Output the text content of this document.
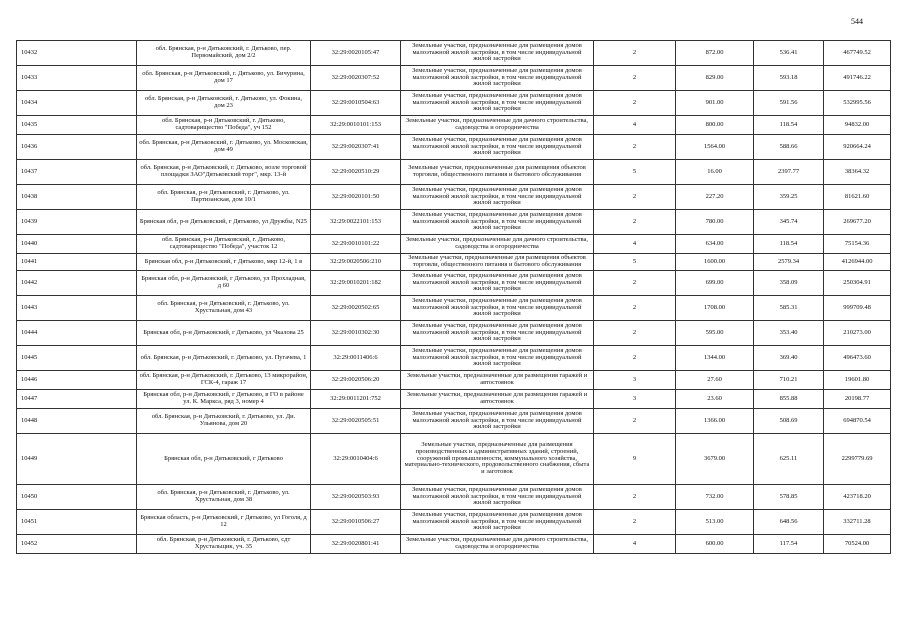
544
10432	обл. Брянская, р-н Дятьковский, г. Дятьково, пер. Первомайский, дом 2/2	32:29:0020105:47	Земельные участки, предназначенные для размещения домов малоэтажной жилой застройки, в том числе индивидуальной жилой застройки	2	872.00	536.41	467749.52
10433	обл. Брянская, р-н Дятьковский, г. Дятьково, ул. Бичурина, дом 17	32:29:0020307:52	Земельные участки, предназначенные для размещения домов малоэтажной жилой застройки, в том числе индивидуальной жилой застройки	2	829.00	593.18	491746.22
10434	обл. Брянская, р-н Дятьковский, г. Дятьково, ул. Фокина, дом 23	32:29:0010504:63	Земельные участки, предназначенные для размещения домов малоэтажной жилой застройки, в том числе индивидуальной жилой застройки	2	901.00	591.56	532995.56
10435	обл. Брянская, р-н Дятьковский, г. Дятьково, садтоварищество "Победа", уч 152	32:29:0010101:153	Земельные участки, предназначенные для дачного строительства, садоводства и огородничества	4	800.00	118.54	94832.00
10436	обл. Брянская, р-н Дятьковский, г. Дятьково, ул. Московская, дом 49	32:29:0020307:41	Земельные участки, предназначенные для размещения домов малоэтажной жилой застройки, в том числе индивидуальной жилой застройки	2	1564.00	588.66	920664.24
10437	обл. Брянская, р-н Дятьковский, г. Дятьково, возле торговой площадки ЗАО"Дятьковский торг", мкр. 13-й	32:29:0020510:29	Земельные участки, предназначенные для размещения объектов торговли, общественного питания и бытового обслуживания	5	16.00	2397.77	38364.32
10438	обл. Брянская, р-н Дятьковский, г. Дятьково, ул. Партизанская, дом 10/1	32:29:0020101:50	Земельные участки, предназначенные для размещения домов малоэтажной жилой застройки, в том числе индивидуальной жилой застройки	2	227.20	359.25	81621.60
10439	Брянская обл, р-н Дятьковский, г Дятьково, ул Дружбы, N25	32:29:0022101:153	Земельные участки, предназначенные для размещения домов малоэтажной жилой застройки, в том числе индивидуальной жилой застройки	2	780.00	345.74	269677.20
10440	обл. Брянская, р-н Дятьковский, г. Дятьково, садтоварищество "Победа", участок 12	32:29:0010101:22	Земельные участки, предназначенные для дачного строительства, садоводства и огородничества	4	634.00	118.54	75154.36
10441	Брянская обл, р-н Дятьковский, г Дятьково, мкр 12-й, 1 в	32:29:0020506:210	Земельные участки, предназначенные для размещения объектов торговли, общественного питания и бытового обслуживания	5	1600.00	2579.34	4126944.00
10442	Брянская обл, р-н Дятьковский, г Дятьково, ул Прохладная, д 60	32:29:0010201:182	Земельные участки, предназначенные для размещения домов малоэтажной жилой застройки, в том числе индивидуальной жилой застройки	2	699.00	358.09	250304.91
10443	обл. Брянская, р-н Дятьковский, г. Дятьково, ул. Хрустальная, дом 43	32:29:0020502:65	Земельные участки, предназначенные для размещения домов малоэтажной жилой застройки, в том числе индивидуальной жилой застройки	2	1708.00	585.31	999709.48
10444	Брянская обл, р-н Дятьковский, г Дятьково, ул Чкалова 25	32:29:0010302:30	Земельные участки, предназначенные для размещения домов малоэтажной жилой застройки, в том числе индивидуальной жилой застройки	2	595.00	353.40	210273.00
10445	обл. Брянская, р-н Дятьковский, г. Дятьково, ул. Пугачева, 1	32:29:0011406:6	Земельные участки, предназначенные для размещения домов малоэтажной жилой застройки, в том числе индивидуальной жилой застройки	2	1344.00	369.40	496473.60
10446	обл. Брянская, р-н Дятьковский, г. Дятьково, 13 микрорайон, ГСК-4, гараж 17	32:29:0020506:20	Земельные участки, предназначенные для размещения гаражей и автостоянок	3	27.60	710.21	19601.80
10447	Брянская обл, р-н Дятьковский, г Дятьково, в ГО в районе ул. К. Маркса, ряд 3, номер 4	32:29:0011201:752	Земельные участки, предназначенные для размещения гаражей и автостоянок	3	23.60	855.88	20198.77
10448	обл. Брянская, р-н Дятьковский, г. Дятьково, ул. Ди. Ульянова, дом 20	32:29:0020505:51	Земельные участки, предназначенные для размещения домов малоэтажной жилой застройки, в том числе индивидуальной жилой застройки	2	1366.00	508.69	694870.54
10449	Брянская обл, р-н Дятьковский, г Дятьково	32:29:0010404:6	Земельные участки, предназначенные для размещения производственных и административных зданий, строений, сооружений промышленности, коммунального хозяйства, материально-технического, продовольственного снабжения, сбыта и заготовок	9	3679.00	625.11	2299779.69
10450	обл. Брянская, р-н Дятьковский, г. Дятьково, ул. Хрустальная, дом 38	32:29:0020503:93	Земельные участки, предназначенные для размещения домов малоэтажной жилой застройки, в том числе индивидуальной жилой застройки	2	732.00	578.85	423718.20
10451	Брянская область, р-н Дятьковский, г Дятьково, ул Гоголя, д 12	32:29:0010506:27	Земельные участки, предназначенные для размещения домов малоэтажной жилой застройки, в том числе индивидуальной жилой застройки	2	513.00	648.56	332711.28
10452	обл. Брянская, р-н Дятьковский, г. Дятьково, сдт Хрустальщик, уч. 35	32:29:0020801:41	Земельные участки, предназначенные для дачного строительства, садоводства и огородничества	4	600.00	117.54	70524.00
